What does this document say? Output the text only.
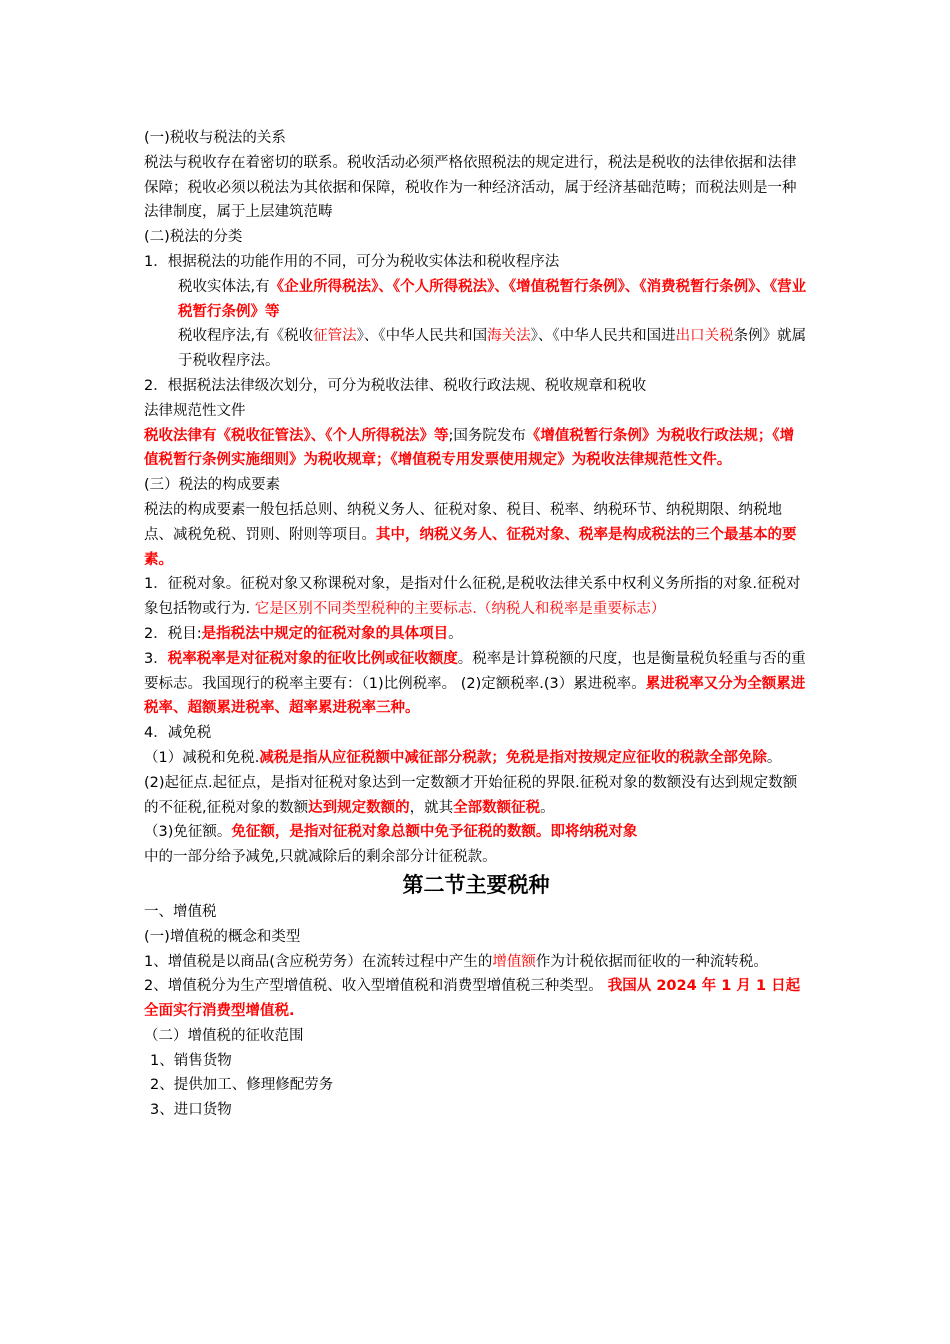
(一)税收与税法的关系

税法与税收存在着密切的联系。税收活动必须严格依照税法的规定进行，税法是税收的法律依据和法律保障；税收必须以税法为其依据和保障，税收作为一种经济活动，属于经济基础范畴；而税法则是一种法律制度，属于上层建筑范畴

(二)税法的分类

1．根据税法的功能作用的不同，可分为税收实体法和税收程序法

税收实体法,有《企业所得税法》、《个人所得税法》、《增值税暂行条例》、《消费税暂行条例》、《营业税暂行条例》等

税收程序法,有《税收征管法》、《中华人民共和国海关法》、《中华人民共和国进出口关税条例》就属于税收程序法。

2．根据税法法律级次划分，可分为税收法律、税收行政法规、税收规章和税收

法律规范性文件

税收法律有《税收征管法》、《个人所得税法》等;国务院发布《增值税暂行条例》为税收行政法规；《增值税暂行条例实施细则》为税收规章；《增值税专用发票使用规定》为税收法律规范性文件。

(三）税法的构成要素

税法的构成要素一般包括总则、纳税义务人、征税对象、税目、税率、纳税环节、纳税期限、纳税地点、减税免税、罚则、附则等项目。其中，纳税义务人、征税对象、税率是构成税法的三个最基本的要素。

1．征税对象。征税对象又称课税对象，是指对什么征税,是税收法律关系中权利义务所指的对象.征税对象包括物或行为. 它是区别不同类型税种的主要标志.（纳税人和税率是重要标志）

2．税目:是指税法中规定的征税对象的具体项目。

3．税率税率是对征税对象的征收比例或征收额度。税率是计算税额的尺度，也是衡量税负轻重与否的重要标志。我国现行的税率主要有：（1)比例税率。 (2)定额税率.(3）累进税率。累进税率又分为全额累进税率、超额累进税率、超率累进税率三种。

4．减免税

（1）减税和免税.减税是指从应征税额中减征部分税款；免税是指对按规定应征收的税款全部免除。

(2)起征点.起征点，是指对征税对象达到一定数额才开始征税的界限.征税对象的数额没有达到规定数额的不征税,征税对象的数额达到规定数额的，就其全部数额征税。

（3)免征额。免征额，是指对征税对象总额中免予征税的数额。即将纳税对象

中的一部分给予减免,只就减除后的剩余部分计征税款。

第二节主要税种

一、增值税

(一)增值税的概念和类型

1、增值税是以商品(含应税劳务）在流转过程中产生的增值额作为计税依据而征收的一种流转税。

2、增值税分为生产型增值税、收入型增值税和消费型增值税三种类型。 我国从 2024 年 1 月 1 日起全面实行消费型增值税.

（二）增值税的征收范围

1、销售货物

2、提供加工、修理修配劳务

3、进口货物
